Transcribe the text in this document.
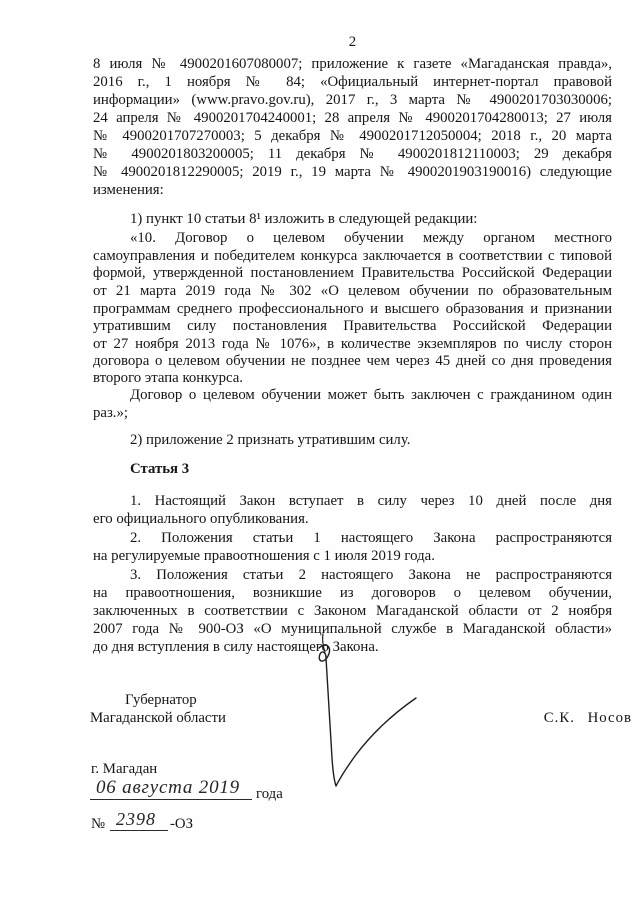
2
8 июля № 4900201607080007; приложение к газете «Магаданская правда»,
2016 г., 1 ноября № 84; «Официальный интернет-портал правовой
информации» (www.pravo.gov.ru), 2017 г., 3 марта № 4900201703030006;
24 апреля № 4900201704240001; 28 апреля № 4900201704280013; 27 июля
№ 4900201707270003; 5 декабря № 4900201712050004; 2018 г., 20 марта
№ 4900201803200005; 11 декабря № 4900201812110003; 29 декабря
№ 4900201812290005; 2019 г., 19 марта № 4900201903190016) следующие
изменения:
1) пункт 10 статьи 8¹ изложить в следующей редакции:
«10. Договор о целевом обучении между органом местного
самоуправления и победителем конкурса заключается в соответствии с типовой
формой, утвержденной постановлением Правительства Российской Федерации
от 21 марта 2019 года № 302 «О целевом обучении по образовательным
программам среднего профессионального и высшего образования и признании
утратившим силу постановления Правительства Российской Федерации
от 27 ноября 2013 года № 1076», в количестве экземпляров по числу сторон
договора о целевом обучении не позднее чем через 45 дней со дня проведения
второго этапа конкурса.
Договор о целевом обучении может быть заключен с гражданином один
раз.»;
2) приложение 2 признать утратившим силу.
Статья 3
1. Настоящий Закон вступает в силу через 10 дней после дня
его официального опубликования.
2. Положения статьи 1 настоящего Закона распространяются
на регулируемые правоотношения с 1 июля 2019 года.
3. Положения статьи 2 настоящего Закона не распространяются
на правоотношения, возникшие из договоров о целевом обучении,
заключенных в соответствии с Законом Магаданской области от 2 ноября
2007 года № 900-ОЗ «О муниципальной службе в Магаданской области»
до дня вступления в силу настоящего Закона.
Губернатор
Магаданской области	С.К. Носов
г. Магадан
06 августа 2019 года
№ 2398 -ОЗ
